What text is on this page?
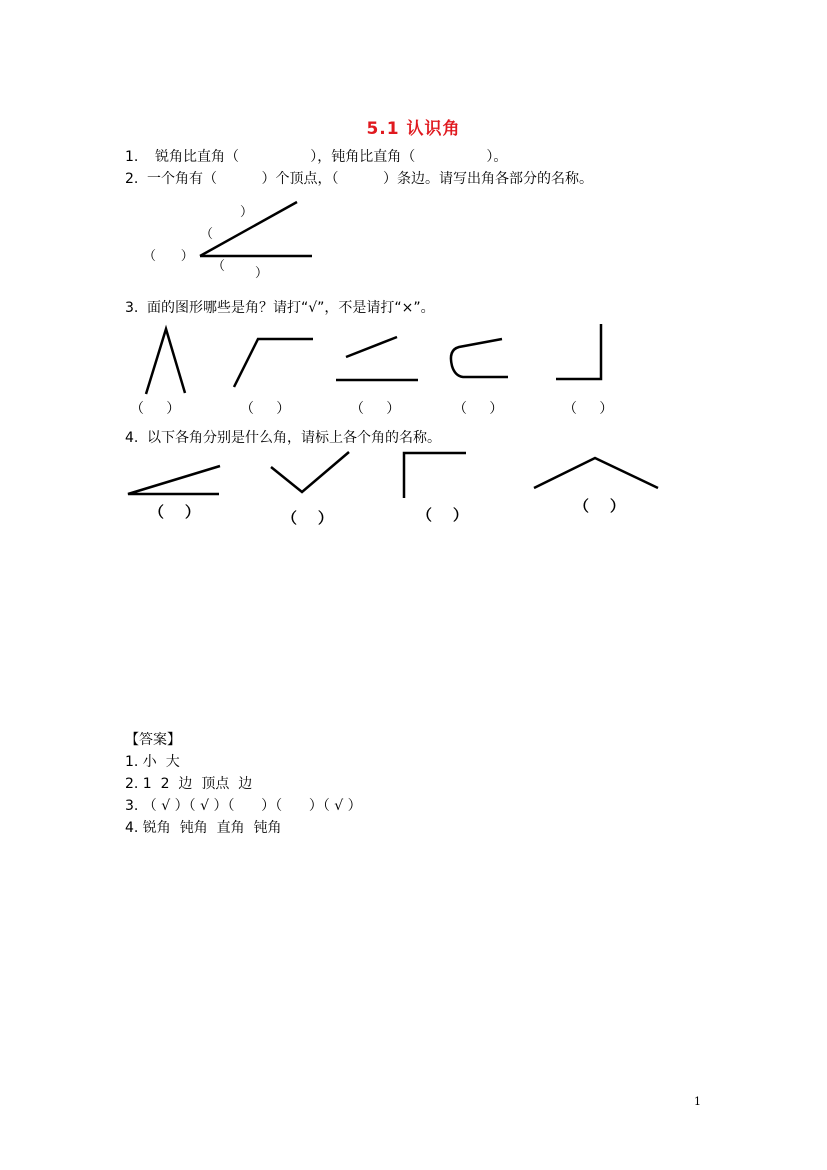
5.1 认识角
1. 锐角比直角（                ），钝角比直角（                ）。
2. 一个角有（          ）个顶点，（          ）条边。请写出角各部分的名称。
）
（
（      ）
（ ）
3. 面的图形哪些是角？请打“√”，不是请打“×”。
（     ）	（     ）	（     ）	（     ）	（     ）
4. 以下各角分别是什么角，请标上各个角的名称。
（    ）	（    ）	（    ）	（    ）
【答案】
1. 小  大
2. 1  2  边  顶点  边
3. （ √ ）（ √ ）（      ）（      ）（ √ ）
4. 锐角  钝角  直角  钝角
1
